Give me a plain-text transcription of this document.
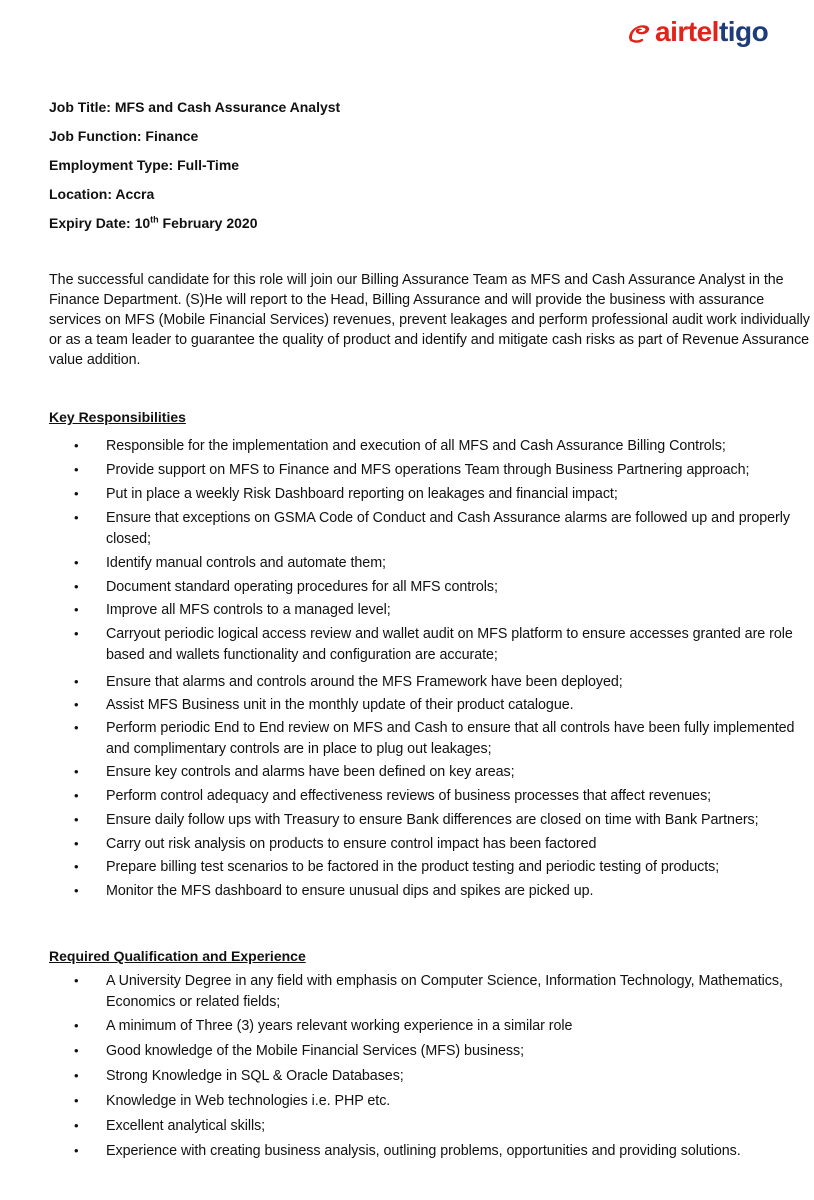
airtel tigo
Job Title: MFS and Cash Assurance Analyst
Job Function: Finance
Employment Type: Full-Time
Location: Accra
Expiry Date: 10th February 2020
The successful candidate for this role will join our Billing Assurance Team as MFS and Cash Assurance Analyst in the Finance Department. (S)He will report to the Head, Billing Assurance and will provide the business with assurance services on MFS (Mobile Financial Services) revenues, prevent leakages and perform professional audit work individually or as a team leader to guarantee the quality of product and identify and mitigate cash risks as part of Revenue Assurance value addition.
Key Responsibilities
• Responsible for the implementation and execution of all MFS and Cash Assurance Billing Controls;
• Provide support on MFS to Finance and MFS operations Team through Business Partnering approach;
• Put in place a weekly Risk Dashboard reporting on leakages and financial impact;
• Ensure that exceptions on GSMA Code of Conduct and Cash Assurance alarms are followed up and properly closed;
• Identify manual controls and automate them;
• Document standard operating procedures for all MFS controls;
• Improve all MFS controls to a managed level;
• Carryout periodic logical access review and wallet audit on MFS platform to ensure accesses granted are role based and wallets functionality and configuration are accurate;
• Ensure that alarms and controls around the MFS Framework have been deployed;
• Assist MFS Business unit in the monthly update of their product catalogue.
• Perform periodic End to End review on MFS and Cash to ensure that all controls have been fully implemented and complimentary controls are in place to plug out leakages;
• Ensure key controls and alarms have been defined on key areas;
• Perform control adequacy and effectiveness reviews of business processes that affect revenues;
• Ensure daily follow ups with Treasury to ensure Bank differences are closed on time with Bank Partners;
• Carry out risk analysis on products to ensure control impact has been factored
• Prepare billing test scenarios to be factored in the product testing and periodic testing of products;
• Monitor the MFS dashboard to ensure unusual dips and spikes are picked up.
Required Qualification and Experience
• A University Degree in any field with emphasis on Computer Science, Information Technology, Mathematics, Economics or related fields;
• A minimum of Three (3) years relevant working experience in a similar role
• Good knowledge of the Mobile Financial Services (MFS) business;
• Strong Knowledge in SQL & Oracle Databases;
• Knowledge in Web technologies i.e. PHP etc.
• Excellent analytical skills;
• Experience with creating business analysis, outlining problems, opportunities and providing solutions.
